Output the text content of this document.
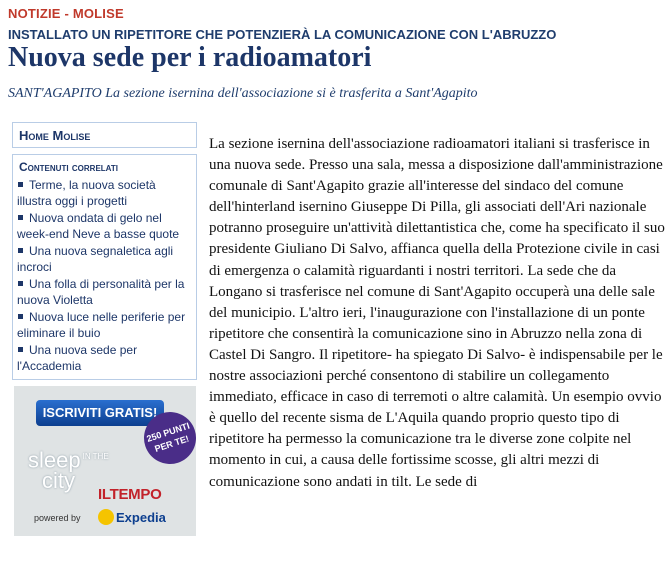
NOTIZIE - MOLISE
INSTALLATO UN RIPETITORE CHE POTENZIERÀ LA COMUNICAZIONE CON L'ABRUZZO
Nuova sede per i radioamatori
SANT'AGAPITO La sezione isernina dell'associazione si è trasferita a Sant'Agapito
Home Molise
Contenuti correlati
Terme, la nuova società illustra oggi i progetti
Nuova ondata di gelo nel week-end Neve a basse quote
Una nuova segnaletica agli incroci
Una folla di personalità per la nuova Violetta
Nuova luce nelle periferie per eliminare il buio
Una nuova sede per l'Accademia
ISCRIVITI GRATIS!
250 PUNTI PER TE!
sleep $^{IN THE}$
city
ILTEMPO
powered by	Expedia

La sezione isernina dell'associazione radioamatori italiani si trasferisce in una nuova sede. Presso una sala, messa a disposizione dall'amministrazione comunale di Sant'Agapito grazie all'interesse del sindaco del comune dell'hinterland isernino Giuseppe Di Pilla, gli associati dell'Ari nazionale potranno proseguire un'attività dilettantistica che, come ha specificato il suo presidente Giuliano Di Salvo, affianca quella della Protezione civile in casi di emergenza o calamità riguardanti i nostri territori. La sede che da Longano si trasferisce nel comune di Sant'Agapito occuperà una delle sale del municipio. L'altro ieri, l'inaugurazione con l'installazione di un ponte ripetitore che consentirà la comunicazione sino in Abruzzo nella zona di Castel Di Sangro. Il ripetitore- ha spiegato Di Salvo- è indispensabile per le nostre associazioni perché consentono di stabilire un collegamento immediato, efficace in caso di terremoti o altre calamità. Un esempio ovvio è quello del recente sisma de L'Aquila quando proprio questo tipo di ripetitore ha permesso la comunicazione tra le diverse zone colpite nel momento in cui, a causa delle fortissime scosse, gli altri mezzi di comunicazione sono andati in tilt. Le sede di
